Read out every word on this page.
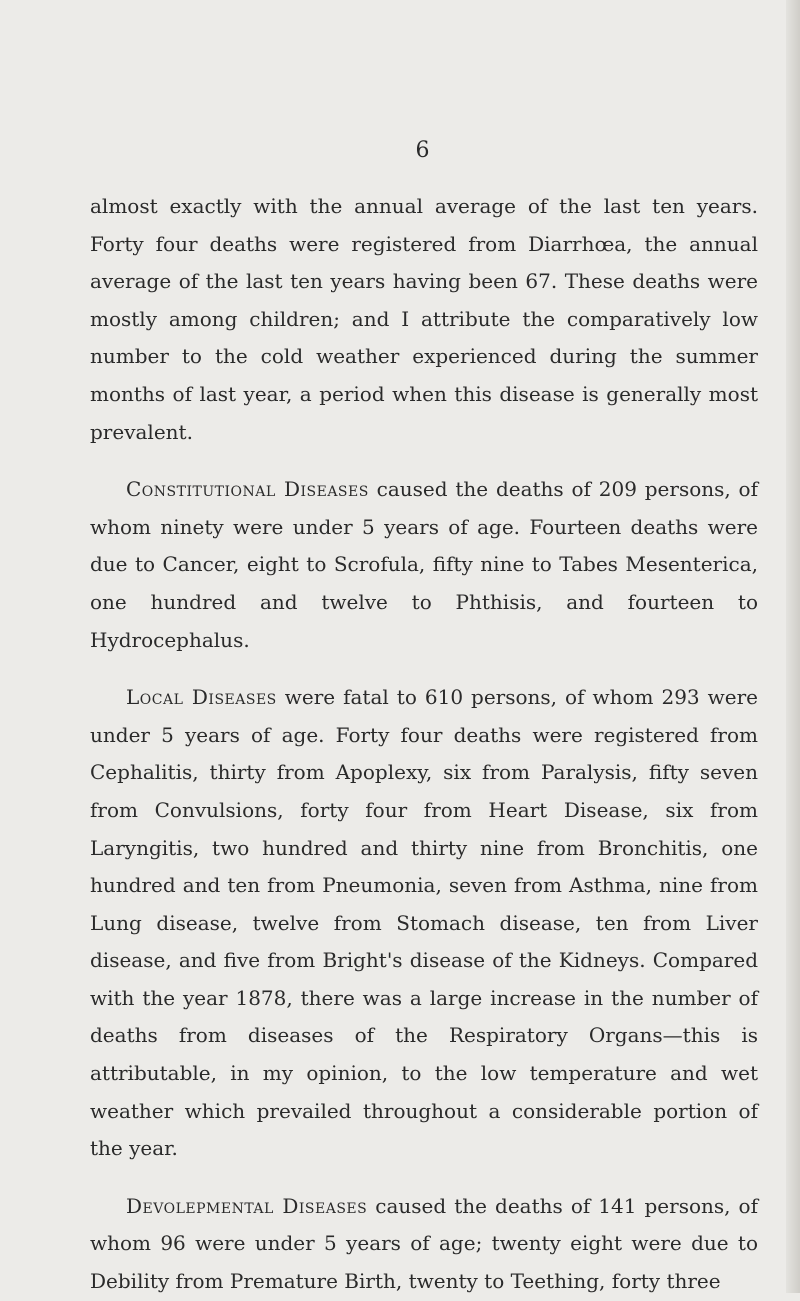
6

almost exactly with the annual average of the last ten years. Forty four deaths were registered from Diarrhœa, the annual average of the last ten years having been 67. These deaths were mostly among children; and I attribute the comparatively low number to the cold weather experienced during the summer months of last year, a period when this disease is generally most prevalent.

Constitutional Diseases caused the deaths of 209 persons, of whom ninety were under 5 years of age. Fourteen deaths were due to Cancer, eight to Scrofula, fifty nine to Tabes Mesenterica, one hundred and twelve to Phthisis, and fourteen to Hydrocephalus.

Local Diseases were fatal to 610 persons, of whom 293 were under 5 years of age. Forty four deaths were registered from Cephalitis, thirty from Apoplexy, six from Paralysis, fifty seven from Convulsions, forty four from Heart Disease, six from Laryngitis, two hundred and thirty nine from Bronchitis, one hundred and ten from Pneumonia, seven from Asthma, nine from Lung disease, twelve from Stomach disease, ten from Liver disease, and five from Bright's disease of the Kidneys. Compared with the year 1878, there was a large increase in the number of deaths from diseases of the Respiratory Organs—this is attributable, in my opinion, to the low temperature and wet weather which prevailed throughout a considerable portion of the year.

Devolepmental Diseases caused the deaths of 141 persons, of whom 96 were under 5 years of age; twenty eight were due to Debility from Premature Birth, twenty to Teething, forty three
